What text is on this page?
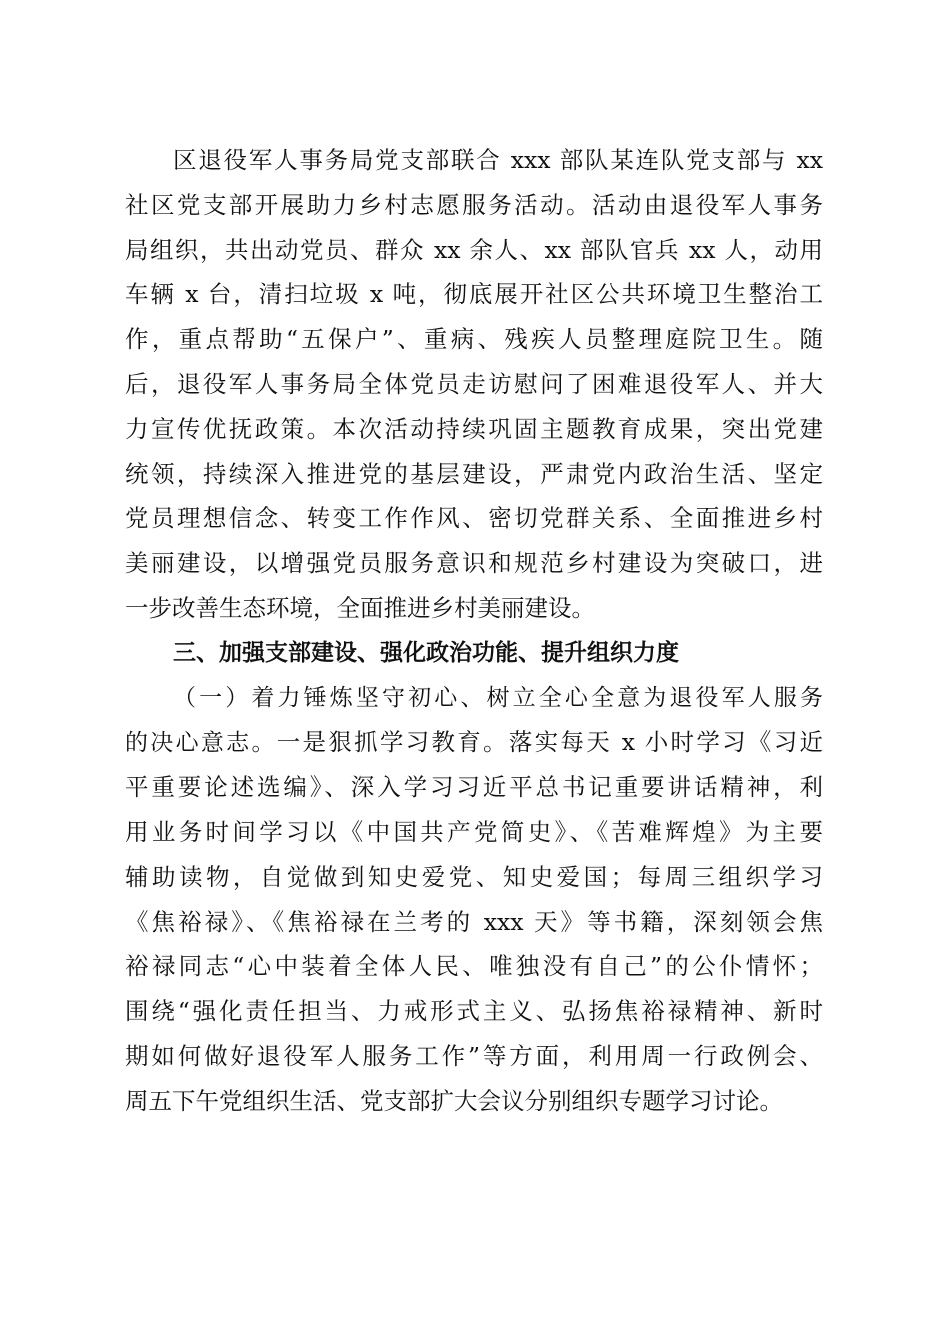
区退役军人事务局党支部联合 xxx 部队某连队党支部与 xx
社区党支部开展助力乡村志愿服务活动。活动由退役军人事务
局组织，共出动党员、群众 xx 余人、xx 部队官兵 xx 人，动用
车辆 x 台，清扫垃圾 x 吨，彻底展开社区公共环境卫生整治工
作，重点帮助“五保户”、重病、残疾人员整理庭院卫生。随
后，退役军人事务局全体党员走访慰问了困难退役军人、并大
力宣传优抚政策。本次活动持续巩固主题教育成果，突出党建
统领，持续深入推进党的基层建设，严肃党内政治生活、坚定
党员理想信念、转变工作作风、密切党群关系、全面推进乡村
美丽建设，以增强党员服务意识和规范乡村建设为突破口，进
一步改善生态环境，全面推进乡村美丽建设。
三、加强支部建设、强化政治功能、提升组织力度
（一）着力锤炼坚守初心、树立全心全意为退役军人服务
的决心意志。一是狠抓学习教育。落实每天 x 小时学习《习近
平重要论述选编》、深入学习习近平总书记重要讲话精神，利
用业务时间学习以《中国共产党简史》、《苦难辉煌》为主要
辅助读物，自觉做到知史爱党、知史爱国；每周三组织学习
《焦裕禄》、《焦裕禄在兰考的 xxx 天》等书籍，深刻领会焦
裕禄同志“心中装着全体人民、唯独没有自己”的公仆情怀；
围绕“强化责任担当、力戒形式主义、弘扬焦裕禄精神、新时
期如何做好退役军人服务工作”等方面，利用周一行政例会、
周五下午党组织生活、党支部扩大会议分别组织专题学习讨论。
